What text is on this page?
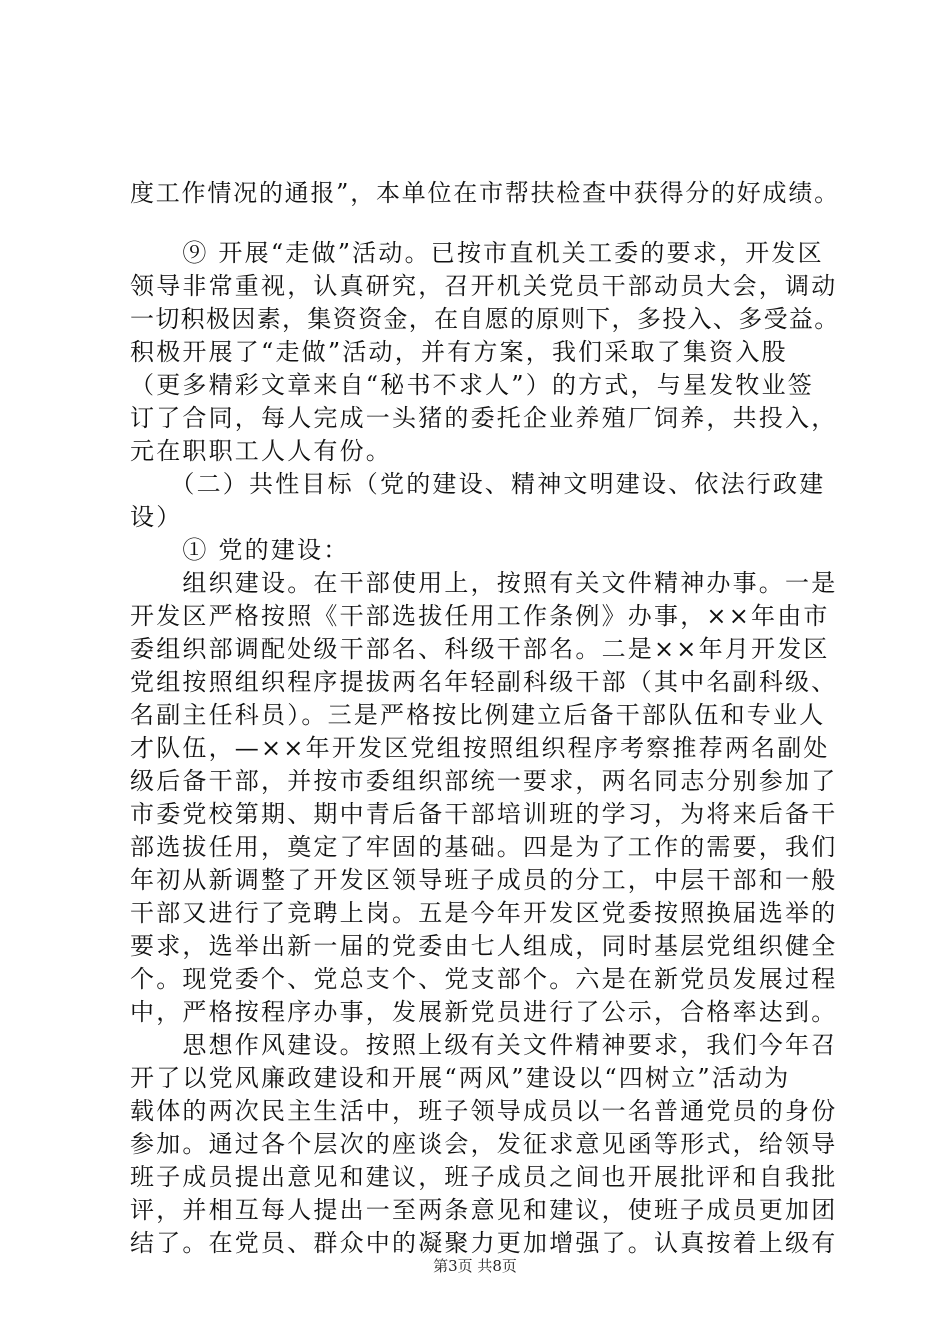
度工作情况的通报”，本单位在市帮扶检查中获得分的好成绩。
　　⑨ 开展“走做”活动。已按市直机关工委的要求，开发区
领导非常重视，认真研究，召开机关党员干部动员大会，调动
一切积极因素，集资资金，在自愿的原则下，多投入、多受益。
积极开展了“走做”活动，并有方案，我们采取了集资入股
（更多精彩文章来自“秘书不求人”）的方式，与星发牧业签
订了合同，每人完成一头猪的委托企业养殖厂饲养，共投入，
元在职职工人人有份。
　　（二）共性目标（党的建设、精神文明建设、依法行政建
设）
　　① 党的建设：
　　组织建设。在干部使用上，按照有关文件精神办事。一是
开发区严格按照《干部选拔任用工作条例》办事，××年由市
委组织部调配处级干部名、科级干部名。二是××年月开发区
党组按照组织程序提拔两名年轻副科级干部（其中名副科级、
名副主任科员）。三是严格按比例建立后备干部队伍和专业人
才队伍，—××年开发区党组按照组织程序考察推荐两名副处
级后备干部，并按市委组织部统一要求，两名同志分别参加了
市委党校第期、期中青后备干部培训班的学习，为将来后备干
部选拔任用，奠定了牢固的基础。四是为了工作的需要，我们
年初从新调整了开发区领导班子成员的分工，中层干部和一般
干部又进行了竞聘上岗。五是今年开发区党委按照换届选举的
要求，选举出新一届的党委由七人组成，同时基层党组织健全
个。现党委个、党总支个、党支部个。六是在新党员发展过程
中，严格按程序办事，发展新党员进行了公示，合格率达到。
　　思想作风建设。按照上级有关文件精神要求，我们今年召
开了以党风廉政建设和开展“两风”建设以“四树立”活动为
载体的两次民主生活中，班子领导成员以一名普通党员的身份
参加。通过各个层次的座谈会，发征求意见函等形式，给领导
班子成员提出意见和建议，班子成员之间也开展批评和自我批
评，并相互每人提出一至两条意见和建议，使班子成员更加团
结了。在党员、群众中的凝聚力更加增强了。认真按着上级有
第3页 共8页
